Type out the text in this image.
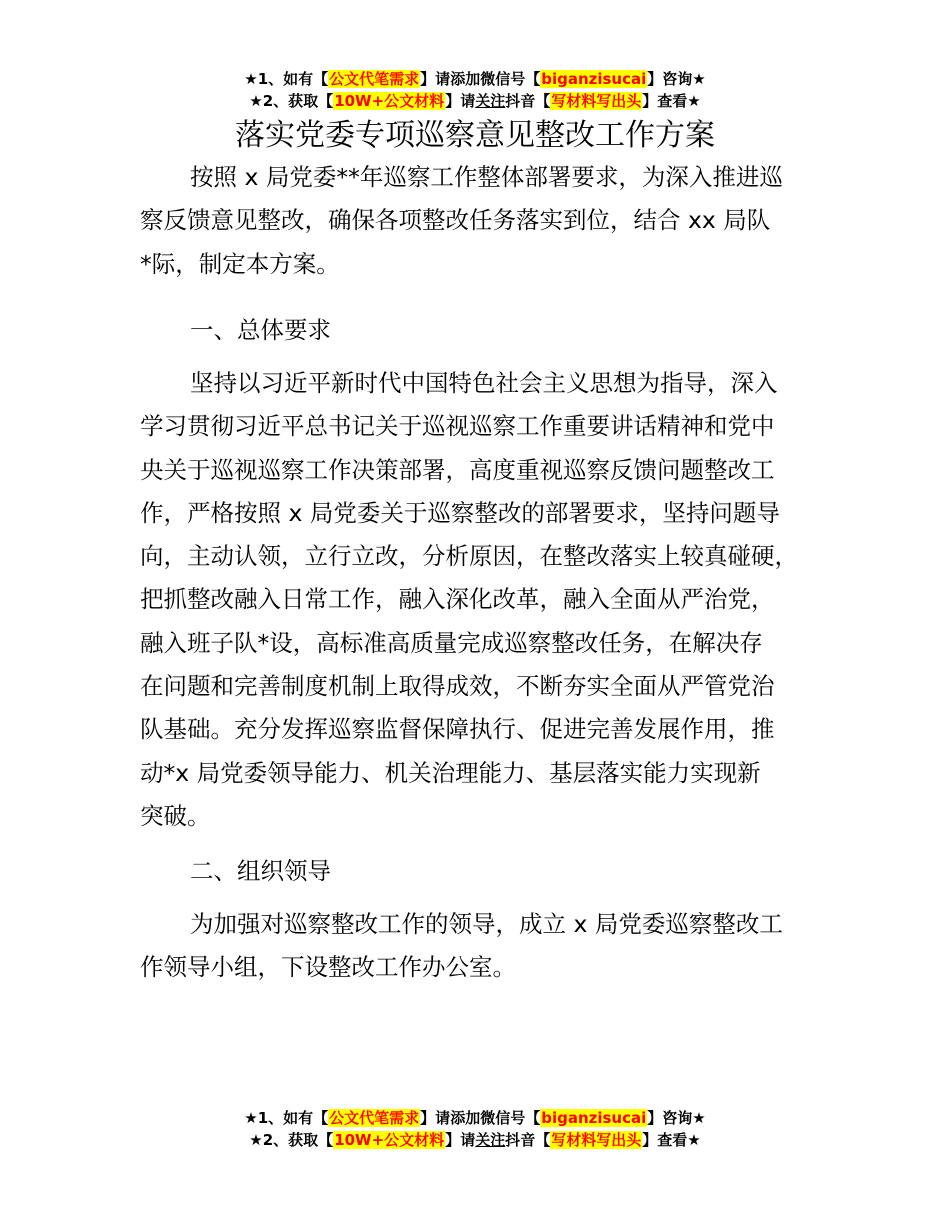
★1、如有【公文代笔需求】请添加微信号【biganzisucai】咨询★
★2、获取【10W+公文材料】请关注抖音【写材料写出头】查看★
落实党委专项巡察意见整改工作方案
按照 x 局党委**年巡察工作整体部署要求，为深入推进巡
察反馈意见整改，确保各项整改任务落实到位，结合 xx 局队
*际，制定本方案。
一、总体要求
坚持以习近平新时代中国特色社会主义思想为指导，深入
学习贯彻习近平总书记关于巡视巡察工作重要讲话精神和党中
央关于巡视巡察工作决策部署，高度重视巡察反馈问题整改工
作，严格按照 x 局党委关于巡察整改的部署要求，坚持问题导
向，主动认领，立行立改，分析原因，在整改落实上较真碰硬，
把抓整改融入日常工作，融入深化改革，融入全面从严治党，
融入班子队*设，高标准高质量完成巡察整改任务，在解决存
在问题和完善制度机制上取得成效，不断夯实全面从严管党治
队基础。充分发挥巡察监督保障执行、促进完善发展作用，推
动*x 局党委领导能力、机关治理能力、基层落实能力实现新
突破。
二、组织领导
为加强对巡察整改工作的领导，成立 x 局党委巡察整改工
作领导小组，下设整改工作办公室。
★1、如有【公文代笔需求】请添加微信号【biganzisucai】咨询★
★2、获取【10W+公文材料】请关注抖音【写材料写出头】查看★
